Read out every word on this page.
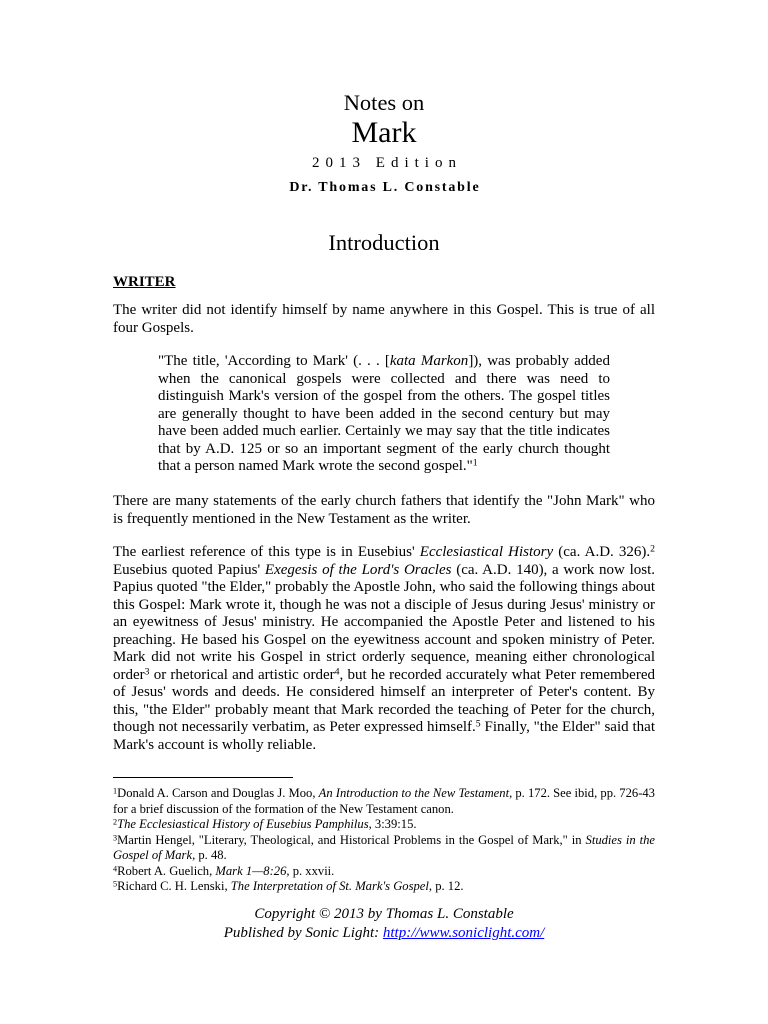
Notes on
Mark
2013 Edition
Dr. Thomas L. Constable
Introduction
WRITER
The writer did not identify himself by name anywhere in this Gospel. This is true of all four Gospels.
"The title, 'According to Mark' (. . . [kata Markon]), was probably added when the canonical gospels were collected and there was need to distinguish Mark's version of the gospel from the others. The gospel titles are generally thought to have been added in the second century but may have been added much earlier. Certainly we may say that the title indicates that by A.D. 125 or so an important segment of the early church thought that a person named Mark wrote the second gospel."$^1$
There are many statements of the early church fathers that identify the "John Mark" who is frequently mentioned in the New Testament as the writer.
The earliest reference of this type is in Eusebius' Ecclesiastical History (ca. A.D. 326).$^2$ Eusebius quoted Papius' Exegesis of the Lord's Oracles (ca. A.D. 140), a work now lost. Papius quoted "the Elder," probably the Apostle John, who said the following things about this Gospel: Mark wrote it, though he was not a disciple of Jesus during Jesus' ministry or an eyewitness of Jesus' ministry. He accompanied the Apostle Peter and listened to his preaching. He based his Gospel on the eyewitness account and spoken ministry of Peter. Mark did not write his Gospel in strict orderly sequence, meaning either chronological order$^3$ or rhetorical and artistic order$^4$, but he recorded accurately what Peter remembered of Jesus' words and deeds. He considered himself an interpreter of Peter's content. By this, "the Elder" probably meant that Mark recorded the teaching of Peter for the church, though not necessarily verbatim, as Peter expressed himself.$^5$ Finally, "the Elder" said that Mark's account is wholly reliable.
$^1$Donald A. Carson and Douglas J. Moo, An Introduction to the New Testament, p. 172. See ibid, pp. 726-43 for a brief discussion of the formation of the New Testament canon.
$^2$The Ecclesiastical History of Eusebius Pamphilus, 3:39:15.
$^3$Martin Hengel, "Literary, Theological, and Historical Problems in the Gospel of Mark," in Studies in the Gospel of Mark, p. 48.
$^4$Robert A. Guelich, Mark 1—8:26, p. xxvii.
$^5$Richard C. H. Lenski, The Interpretation of St. Mark's Gospel, p. 12.
Copyright © 2013 by Thomas L. Constable
Published by Sonic Light: http://www.soniclight.com/
